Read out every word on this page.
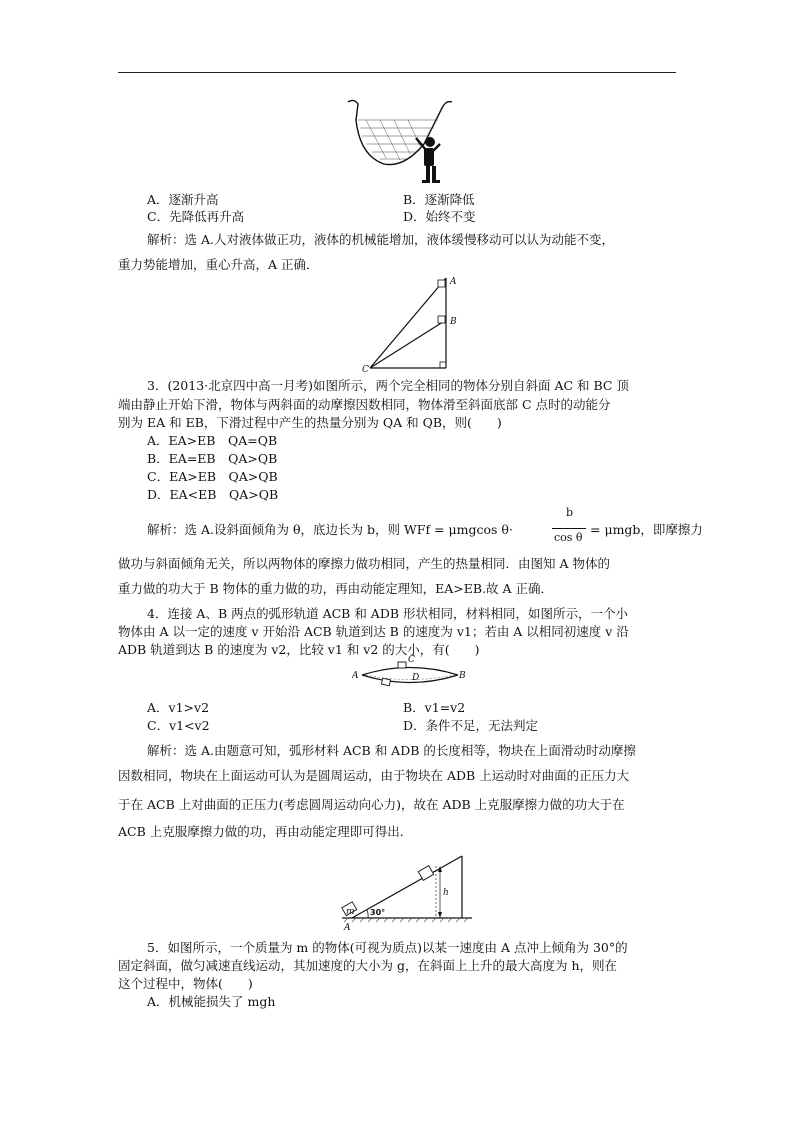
A．逐渐升高	B．逐渐降低
C．先降低再升高	D．始终不变
解析：选 A.人对液体做正功，液体的机械能增加，液体缓慢移动可以认为动能不变，
重力势能增加，重心升高，A 正确．
A
B
C
3．(2013·北京四中高一月考)如图所示，两个完全相同的物体分别自斜面 AC 和 BC 顶
端由静止开始下滑，物体与两斜面的动摩擦因数相同，物体滑至斜面底部 C 点时的动能分
别为 EA 和 EB，下滑过程中产生的热量分别为 QA 和 QB，则(　　)
A．EA>EB　QA=QB
B．EA=EB　QA>QB
C．EA>EB　QA>QB
D．EA<EB　QA>QB
解析：选 A.设斜面倾角为 θ，底边长为 b，则 WFf = μmgcos θ·
b
cos θ
= μmgb，即摩擦力
做功与斜面倾角无关，所以两物体的摩擦力做功相同，产生的热量相同．由图知 A 物体的
重力做的功大于 B 物体的重力做的功，再由动能定理知，EA>EB.故 A 正确．
4．连接 A、B 两点的弧形轨道 ACB 和 ADB 形状相同，材料相同，如图所示，一个小
物体由 A 以一定的速度 v 开始沿 ACB 轨道到达 B 的速度为 v1；若由 A 以相同初速度 v 沿
ADB 轨道到达 B 的速度为 v2，比较 v1 和 v2 的大小，有(　　)
A	B
C
D
A．v1>v2	B．v1=v2
C．v1<v2	D．条件不足，无法判定
解析：选 A.由题意可知，弧形材料 ACB 和 ADB 的长度相等，物块在上面滑动时动摩擦
因数相同，物块在上面运动可认为是圆周运动，由于物块在 ADB 上运动时对曲面的正压力大
于在 ACB 上对曲面的正压力(考虑圆周运动向心力)，故在 ADB 上克服摩擦力做的功大于在
ACB 上克服摩擦力做的功，再由动能定理即可得出．
h
m
A
30°
5．如图所示，一个质量为 m 的物体(可视为质点)以某一速度由 A 点冲上倾角为 30°的
固定斜面，做匀减速直线运动，其加速度的大小为 g，在斜面上上升的最大高度为 h，则在
这个过程中，物体(　　)
A．机械能损失了 mgh
